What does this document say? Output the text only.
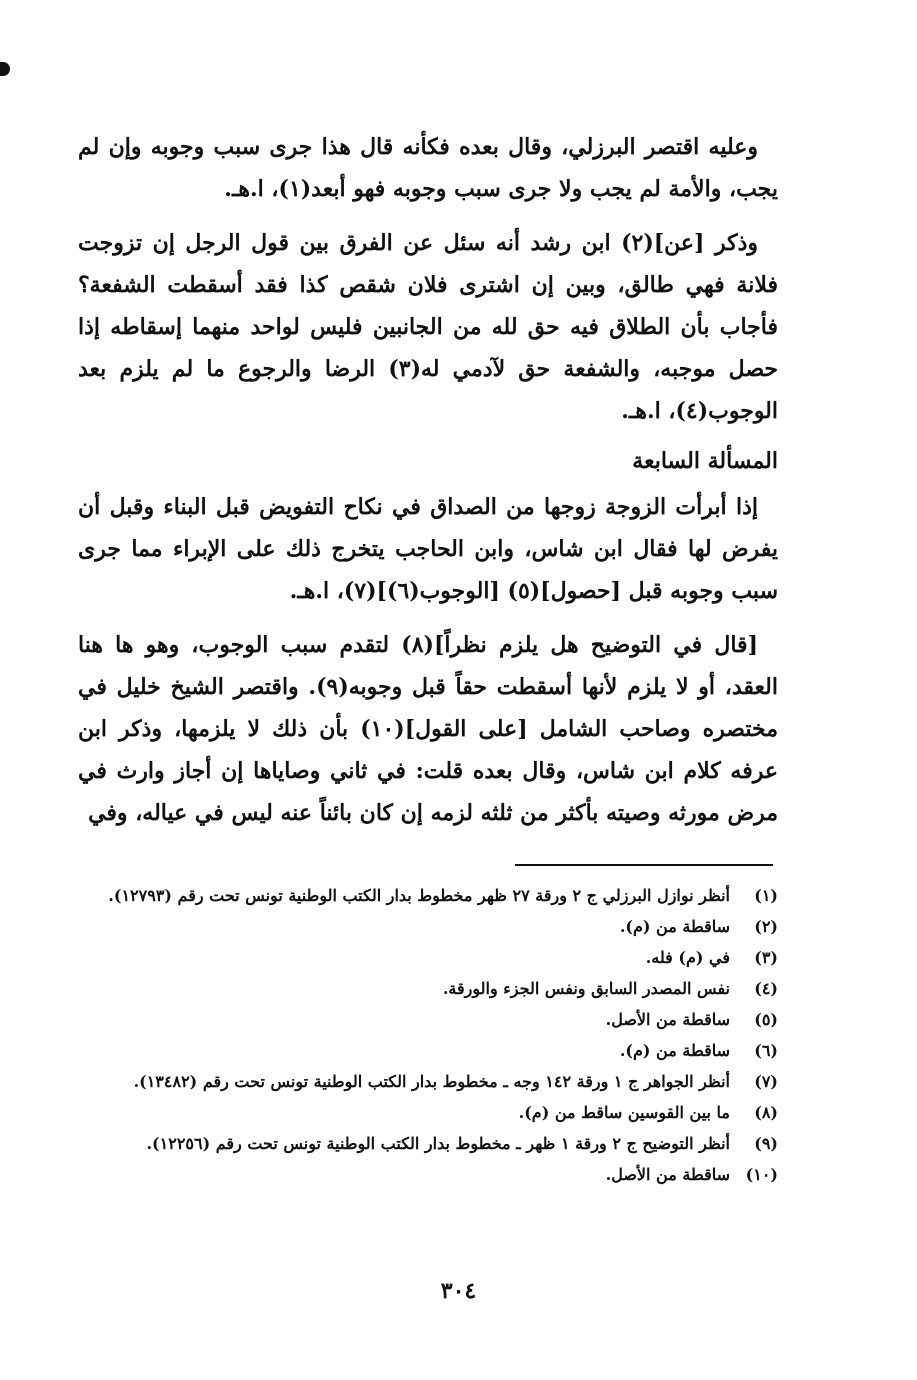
وعليه اقتصر البرزلي، وقال بعده فكأنه قال هذا جرى سبب وجوبه وإن لم يجب، والأمة لم يجب ولا جرى سبب وجوبه فهو أبعد(١)، ا.هـ.

وذكر [عن](٢) ابن رشد أنه سئل عن الفرق بين قول الرجل إن تزوجت فلانة فهي طالق، وبين إن اشترى فلان شقص كذا فقد أسقطت الشفعة؟ فأجاب بأن الطلاق فيه حق لله من الجانبين فليس لواحد منهما إسقاطه إذا حصل موجبه، والشفعة حق لآدمي له(٣) الرضا والرجوع ما لم يلزم بعد الوجوب(٤)، ا.هـ.

المسألة السابعة

إذا أبرأت الزوجة زوجها من الصداق في نكاح التفويض قبل البناء وقبل أن يفرض لها فقال ابن شاس، وابن الحاجب يتخرج ذلك على الإبراء مما جرى سبب وجوبه قبل [حصول](٥) [الوجوب(٦)](٧)، ا.هـ.

[قال في التوضيح هل يلزم نظراً](٨) لتقدم سبب الوجوب، وهو ها هنا العقد، أو لا يلزم لأنها أسقطت حقاً قبل وجوبه(٩). واقتصر الشيخ خليل في مختصره وصاحب الشامل [على القول](١٠) بأن ذلك لا يلزمها، وذكر ابن عرفه كلام ابن شاس، وقال بعده قلت: في ثاني وصاياها إن أجاز وارث في مرض مورثه وصيته بأكثر من ثلثه لزمه إن كان بائناً عنه ليس في عياله، وفي

(١)
أنظر نوازل البرزلي ج ٢ ورقة ٢٧ ظهر مخطوط بدار الكتب الوطنية تونس تحت رقم (١٢٧٩٣).
(٢)
ساقطة من (م).
(٣)
في (م) فله.
(٤)
نفس المصدر السابق ونفس الجزء والورقة.
(٥)
ساقطة من الأصل.
(٦)
ساقطة من (م).
(٧)
أنظر الجواهر ج ١ ورقة ١٤٢ وجه ـ مخطوط بدار الكتب الوطنية تونس تحت رقم (١٣٤٨٢).
(٨)
ما بين القوسين ساقط من (م).
(٩)
أنظر التوضيح ج ٢ ورقة ١ ظهر ـ مخطوط بدار الكتب الوطنية تونس تحت رقم (١٢٢٥٦).
(١٠)
ساقطة من الأصل.
٣٠٤
